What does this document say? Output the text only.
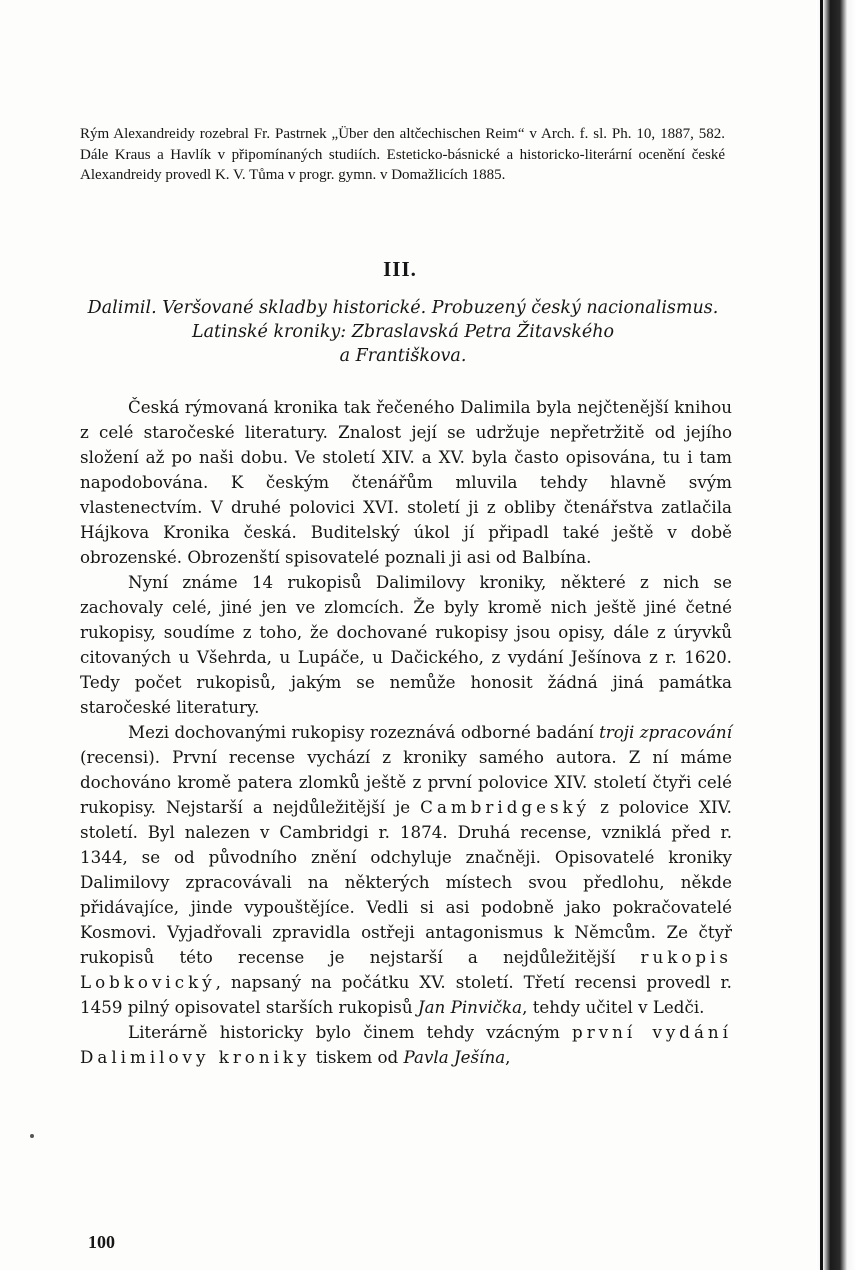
Rým Alexandreidy rozebral Fr. Pastrnek „Über den altčechischen Reim“ v Arch. f. sl. Ph. 10, 1887, 582. Dále Kraus a Havlík v připomínaných studiích. Esteticko-básnické a historicko-literární ocenění české Alexandreidy provedl K. V. Tůma v progr. gymn. v Domažlicích 1885.

III.
Dalimil. Veršované skladby historické. Probuzený český nacionalismus. Latinské kroniky: Zbraslavská Petra Žitavského
a Františkova.

Česká rýmovaná kronika tak řečeného Dalimila byla nejčtenější knihou z celé staročeské literatury. Znalost její se udržuje nepřetržitě od jejího složení až po naši dobu. Ve století XIV. a XV. byla často opisována, tu i tam napodobována. K českým čtenářům mluvila tehdy hlavně svým vlastenectvím. V druhé polovici XVI. století ji z obliby čtenářstva zatlačila Hájkova Kronika česká. Buditelský úkol jí připadl také ještě v době obrozenské. Obrozenští spisovatelé poznali ji asi od Balbína.

Nyní známe 14 rukopisů Dalimilovy kroniky, některé z nich se zachovaly celé, jiné jen ve zlomcích. Že byly kromě nich ještě jiné četné rukopisy, soudíme z toho, že dochované rukopisy jsou opisy, dále z úryvků citovaných u Všehrda, u Lupáče, u Dačického, z vydání Ješínova z r. 1620. Tedy počet rukopisů, jakým se nemůže honosit žádná jiná památka staročeské literatury.

Mezi dochovanými rukopisy rozeznává odborné badání troji zpracování (recensi). První recense vychází z kroniky samého autora. Z ní máme dochováno kromě patera zlomků ještě z první polovice XIV. století čtyři celé rukopisy. Nejstarší a nejdůležitější je Cambridgeský z polovice XIV. století. Byl nalezen v Cambridgi r. 1874. Druhá recense, vzniklá před r. 1344, se od původního znění odchyluje značněji. Opisovatelé kroniky Dalimilovy zpracovávali na některých místech svou předlohu, někde přidávajíce, jinde vypouštějíce. Vedli si asi podobně jako pokračovatelé Kosmovi. Vyjadřovali zpravidla ostřeji antagonismus k Němcům. Ze čtyř rukopisů této recense je nejstarší a nejdůležitější rukopis Lobkovický, napsaný na počátku XV. století. Třetí recensi provedl r. 1459 pilný opisovatel starších rukopisů Jan Pinvička, tehdy učitel v Ledči.

Literárně historicky bylo činem tehdy vzácným první vydání Dalimilovy kroniky tiskem od Pavla Ješína,

100
